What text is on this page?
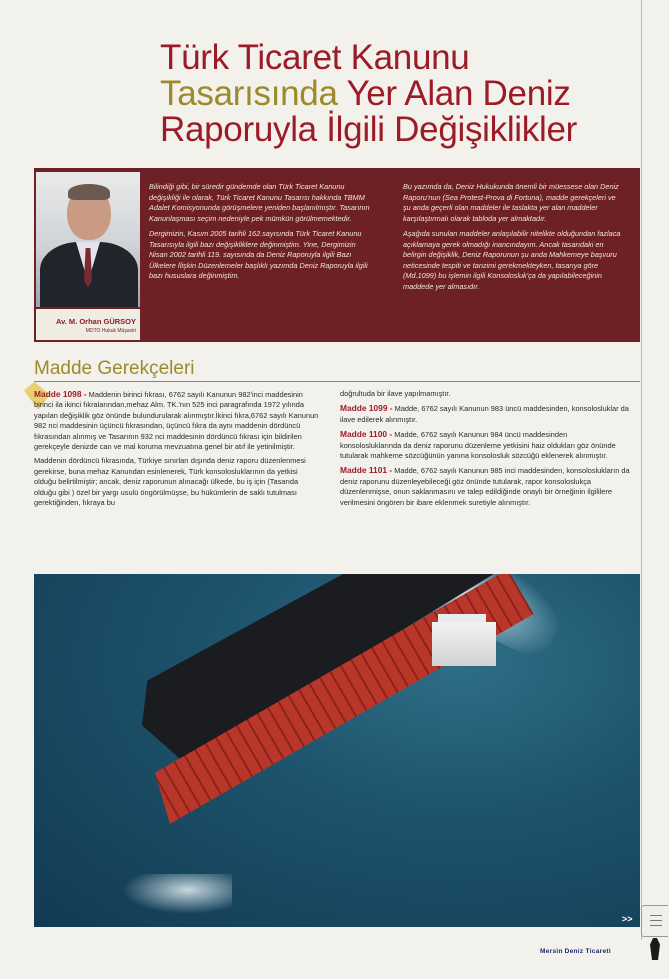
Türk Ticaret Kanunu
Tasarısında Yer Alan Deniz
Raporuyla İlgili Değişiklikler
Av. M. Orhan GÜRSOY
MDTO Hukuk Müşaviri

Bilindiği gibi, bir süredir gündemde olan Türk Ticaret Kanunu değişikliği ile olarak, Türk Ticaret Kanunu Tasarısı hakkında TBMM Adalet Komisyonunda görüşmelere yeniden başlanılmıştır. Tasarının Kanunlaşması seçim nedeniyle pek mümkün görülmemektedir.

Dergimizin, Kasım 2005 tarihli 162.sayısında Türk Ticaret Kanunu Tasarısıyla ilgili bazı değişikliklere değinmiştim. Yine, Dergimizin Nisan 2002 tarihli 119. sayısında da Deniz Raporuyla ilgili Bazı Ülkelere İlişkin Düzenlemeler başlıklı yazımda Deniz Raporuyla ilgili bazı hususlara değinmiştim.

Bu yazımda da, Deniz Hukukunda önemli bir müessese olan Deniz Raporu'nun (Sea Protest-Prova di Fortuna), madde gerekçeleri ve şu anda geçerli olan maddeler ile taslakta yer alan maddeler karşılaştırmalı olarak tabloda yer almaktadır.

Aşağıda sunulan maddeler anlaşılabilir nitelikte olduğundan fazlaca açıklamaya gerek olmadığı inancındayım. Ancak tasarıdaki en belirgin değişiklik, Deniz Raporunun şu anda Mahkemeye başvuru neticesinde tespiti ve tanzimi gerekmekteyken, tasarıya göre (Md.1099) bu işlemin ilgili Konsolosluk'ça da yapılabileceğinin maddede yer almasıdır.

Madde Gerekçeleri

Madde 1098 - Maddenin birinci fıkrası, 6762 sayılı Kanunun 982'inci maddesinin birinci ila ikinci fıkralarından,mehaz Alm. TK.'nın 525 inci paragrafında 1972 yılında yapılan değişiklik göz önünde bulundurularak alınmıştır.İkinci fıkra,6762 sayılı Kanunun 982 nci maddesinin üçüncü fıkrasından, üçüncü fıkra da aynı maddenin dördüncü fıkrasından alınmış ve Tasarının 932 nci maddesinin dördüncü fıkrası için bildirilen gerekçeyle denizde can ve mal koruma mevzuatına genel bir atıf ile yetinilmiştir.

Maddenin dördüncü fıkrasında, Türkiye sınırları dışında deniz raporu düzenlenmesi gerekirse, buna mehaz Kanundan esinlenerek, Türk konsolosluklarının da yetkisi olduğu belirtilmiştir; ancak, deniz raporunun alınacağı ülkede, bu iş için (Tasarıda olduğu gibi ) özel bir yargı usulü öngörülmüşse, bu hükümlerin de saklı tutulması gerektiğinden, fıkraya bu

doğrultuda bir ilave yapılmamıştır.

Madde 1099 - Madde, 6762 sayılı Kanunun 983 üncü maddesinden, konsolosluklar da ilave edilerek alınmıştır.

Madde 1100 - Madde, 6762 sayılı Kanunun 984 üncü maddesinden konsolosluklarında da deniz raporunu düzenleme yetkisini haiz oldukları göz önünde tutularak mahkeme sözcüğünün yanına konsolosluk sözcüğü eklenerek alınmıştır.

Madde 1101 - Madde, 6762 sayılı Kanunun 985 inci maddesinden, konsoloslukların da deniz raporunu düzenleyebileceği göz önünde tutularak, rapor konsoloslukça düzenlenmişse, onun saklanmasını ve talep edildiğinde onaylı bir örneğinin ilgililere verilmesini öngören bir ibare eklenmek suretiyle alınmıştır.

>>
Mersin Deniz Ticareti
